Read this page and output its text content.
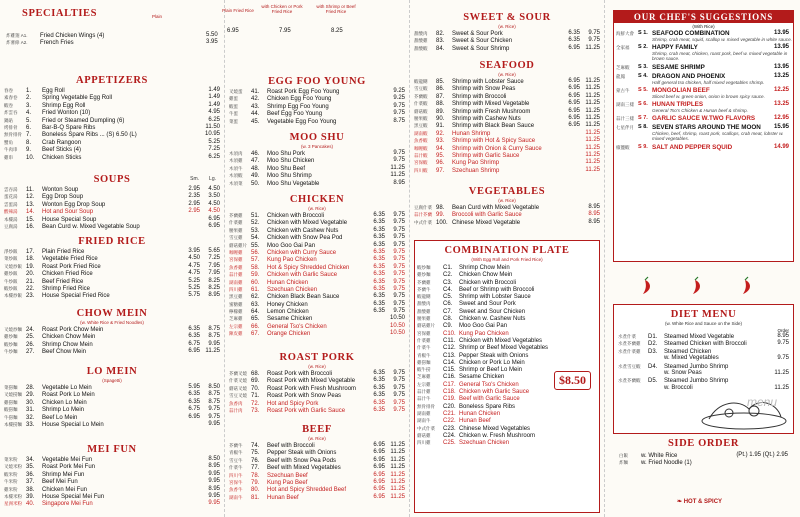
SPECIALTIES	Plain
炸雞翅 A1. Fried Chicken Wings (4)	5.50
炸薯條 A2. French Fries	3.95
APPETIZERS
春卷 1. Egg Roll	1.49
素春卷 2. Spring Vegetable Egg Roll	1.49
蝦卷 3. Shrimp Egg Roll	1.49
炸雲吞 4. Fried Wonton (10)	4.95
鍋貼 5. Fried or Steamed Dumpling (6)	6.25
烤排骨 6. Bar-B-Q Spare Ribs	11.50
無骨排骨 7. Boneless Spare Ribs ... (S) 6.50 (L)	10.95
蟹角 8. Crab Rangoon	5.25
牛肉串 9. Beef Sticks (4)	7.25
雞串 10. Chicken Sticks	6.25
SOUPS	Sm. Lg.
雲吞湯 11. Wonton Soup	2.95 4.50
蛋花湯 12. Egg Drop Soup	2.35 3.50
雲蛋湯 13. Wonton Egg Drop Soup	2.95 4.50
酸辣湯 14. Hot and Sour Soup	2.95 4.50
本樓湯 15. House Special Soup	6.95
豆腐湯 16. Bean Curd w. Mixed Vegetable Soup	6.95
FRIED RICE
淨炒飯 17. Plain Fried Rice	3.95 5.65
菜炒飯 18. Vegetable Fried Rice	4.50 7.25
叉燒炒飯 19. Roast Pork Fried Rice	4.75 7.95
雞炒飯 20. Chicken Fried Rice	4.75 7.95
牛炒飯 21. Beef Fried Rice	5.25 8.25
蝦炒飯 22. Shrimp Fried Rice	5.25 8.25
本樓炒飯 23. House Special Fried Rice	5.75 8.95
CHOW MEIN
(w. White Rice & Fried Noodles)
叉燒炒麵 24. Roast Pork Chow Mein	6.35 8.75
雞炒麵 25. Chicken Chow Mein	6.35 8.75
蝦炒麵 26. Shrimp Chow Mein	6.75 9.95
牛炒麵 27. Beef Chow Mein	6.95 11.25
LO MEIN
(Spagetti)
菜撈麵 28. Vegetable Lo Mein	5.95 8.50
叉燒撈麵 29. Roast Pork Lo Mein	6.35 8.75
雞撈麵 30. Chicken Lo Mein	6.35 8.75
蝦撈麵 31. Shrimp Lo Mein	6.75 9.75
牛撈麵 32. Beef Lo Mein	6.95 9.75
本樓撈麵 33. House Special Lo Mein	9.95
MEI FUN
菜米粉 34. Vegetable Mei Fun	8.50
叉燒米粉 35. Roast Pork Mei Fun	8.95
蝦米粉 36. Shrimp Mei Fun	9.95
牛米粉 37. Beef Mei Fun	9.95
雞米粉 38. Chicken Mei Fun	8.95
本樓米粉 39. House Special Mei Fun	9.95
星洲米粉 40. Singapore Mei Fun	9.95
Plain Fried Rice
with Chicken or Pork Fried Rice
with Shrimp or Beef Fried Rice
6.95	7.95	8.25
EGG FOO YOUNG
叉燒蛋 41. Roast Pork Egg Foo Young	9.25
雞蛋 42. Chicken Egg Foo Young	9.25
蝦蛋 43. Shrimp Egg Foo Young	9.75
牛蛋 44. Beef Egg Foo Young	9.75
菜蛋 45. Vegetable Egg Foo Young	8.75
MOO SHU
(w. 3 Pancakes)
木須肉 46. Moo Shu Pork	9.75
木須雞 47. Moo Shu Chicken	9.75
木須牛 48. Moo Shu Beef	11.25
木須蝦 49. Moo Shu Shrimp	11.25
木須菜 50. Moo Shu Vegetable	8.95
CHICKEN
(w. Rice)
芥蘭雞 51. Chicken with Broccoli	6.35 9.75
什菜雞 52. Chicken with Mixed Vegetable	6.35 9.75
腰果雞 53. Chicken with Cashew Nuts	6.35 9.75
雪豆雞 54. Chicken with Snow Pea Pod	6.35 9.75
蘑菇雞片 55. Moo Goo Gai Pan	6.35 9.75
咖喱雞 56. Chicken with Curry Sauce	6.35 9.75
宮保雞 57. Kung Pao Chicken	6.35 9.75
魚香雞 58. Hot & Spicy Shredded Chicken	6.35 9.75
蒜汁雞 59. Chicken with Garlic Sauce	6.35 9.75
湖南雞 60. Hunan Chicken	6.35 9.75
四川雞 61. Szechuan Chicken	6.35 9.75
黑豆雞 62. Chicken Black Bean Sauce	6.35 9.75
蜜糖雞 63. Honey Chicken	6.35 9.75
檸檬雞 64. Lemon Chicken	6.35 9.75
芝麻雞 65. Sesame Chicken	10.50
左宗雞 66. General Tso's Chicken	10.50
陳皮雞 67. Orange Chicken	10.50
ROAST PORK
(w. Rice)
芥蘭叉燒 68. Roast Pork with Broccoli	6.35 9.75
什菜叉燒 69. Roast Pork with Mixed Vegetable	6.35 9.75
蘑菇叉燒 70. Roast Pork with Fresh Mushroom	6.35 9.75
雪豆叉燒 71. Roast Pork with Snow Peas	6.35 9.75
魚香肉 72. Hot and Spicy Pork	6.35 9.75
蒜汁肉 73. Roast Pork with Garlic Sauce	6.35 9.75
BEEF
(w. Rice)
芥蘭牛 74. Beef with Broccoli	6.95 11.25
青椒牛 75. Pepper Steak with Onions	6.95 11.25
雪豆牛 76. Beef with Snow Pea Pods	6.95 11.25
什菜牛 77. Beef with Mixed Vegetables	6.95 11.25
四川牛 78. Szechuan Beef	6.95 11.25
宮保牛 79. Kung Pao Beef	6.95 11.25
魚香牛 80. Hot and Spicy Shredded Beef	6.95 11.25
湖南牛 81. Hunan Beef	6.95 11.25
SWEET & SOUR
(w. Rice)
甜酸肉 82. Sweet & Sour Pork	6.35 9.75
甜酸雞 83. Sweet & Sour Chicken	6.35 9.75
甜酸蝦 84. Sweet & Sour Shrimp	6.95 11.25
SEAFOOD
(w. Rice)
蝦龍糊 85. Shrimp with Lobster Sauce	6.95 11.25
雪豆蝦 86. Shrimp with Snow Peas	6.95 11.25
芥蘭蝦 87. Shrimp with Broccoli	6.95 11.25
什菜蝦 88. Shrimp with Mixed Vegetable	6.95 11.25
蘑菇蝦 89. Shrimp with Fresh Mushroom	6.95 11.25
腰果蝦 90. Shrimp with Cashew Nuts	6.95 11.25
黑豆蝦 91. Shrimp with Black Bean Sauce	6.95 11.25
湖南蝦 92. Hunan Shrimp	11.25
魚香蝦 93. Shrimp with Hot & Spicy Sauce	11.25
咖喱蝦 94. Shrimp with Onion & Curry Sauce	11.25
蒜汁蝦 95. Shrimp with Garlic Sauce	11.25
宮保蝦 96. Kung Pao Shrimp	11.25
四川蝦 97. Szechuan Shrimp	11.25
VEGETABLES
(w. Rice)
豆腐什菜 98. Bean Curd with Mixed Vegetable	8.95
蒜汁芥蘭 99. Broccoli with Garlic Sauce	8.95
中式什菜 100. Chinese Mixed Vegetable	8.95
COMBINATION PLATE
(With Egg Roll and Pork Fried Rice)
蝦炒麵 C1. Shrimp Chow Mein
雞炒麵 C2. Chicken Chow Mein
芥蘭雞 C3. Chicken with Broccoli
芥蘭牛 C4. Beef or Shrimp with Broccoli
蝦龍糊 C5. Shrimp with Lobster Sauce
甜酸肉 C6. Sweet and Sour Pork
甜酸雞 C7. Sweet and Sour Chicken
腰果雞 C8. Chicken w. Cashew Nuts
蘑菇雞片 C9. Moo Goo Gai Pan
宮保雞 C10. Kung Pao Chicken
什菜雞 C11. Chicken with Mixed Vegetables
什菜牛 C12. Shrimp or Beef Mixed Vegetables
青椒牛 C13. Pepper Steak with Onions
雞撈麵 C14. Chicken or Pork Lo Mein
蝦牛撈 C15. Shrimp or Beef Lo Mein
芝麻雞 C16. Sesame Chicken
左宗雞 C17. General Tso's Chicken
蒜汁雞 C18. Chicken with Garlic Sauce
蒜汁牛 C19. Beef with Garlic Sauce
無骨排骨 C20. Boneless Spare Ribs
湖南雞 C21. Hunan Chicken
湖南牛 C22. Hunan Beef
中式什菜 C23. Chinese Mixed Vegetables
蘑菇雞 C24. Chicken w. Fresh Mushroom
四川雞 C25. Szechuan Chicken
$8.50
OUR CHEF'S SUGGESTIONS
(With Rice)
海鮮大會 S 1. SEAFOOD COMBINATION	13.95
Shrimp, crab meat, squid, scallop w. mixed vegetable in white sauce.
全家福	S 2. HAPPY FAMILY	13.95
Shrimp, crab meat, chicken, roast pork, beef w. mixed vegetable in brown sauce.
芝麻蝦	S 3. SESAME SHRIMP	13.95
龍鳳	S 4. DRAGON AND PHOENIX	13.25
Half general tso chicken, half mixed vegetables shrimp.
蒙古牛	S 5. MONGOLIAN BEEF	12.25
Sliced beef w. green onion, onion in brown spicy sauce.
湖南三樣 S 6. HUNAN TRIPLES	13.25
General Tso's Chicken & Hunan beef & shrimp.
蒜汁三樣 S 7. GARLIC SAUCE W.TWO FLAVORS	12.95
七星伴月 S 8. SEVEN STARS AROUND THE MOON	15.95
Chicken, beef, shrimp, roast pork, scallops, crab meat, lobster w. mixed vegetables.
椒鹽蝦	S 9. SALT AND PEPPER SQUID	14.99
DIET MENU
(w. White Rice and Sauce on the Side)
Order
水煮什菜 D1. Steamed Mixed Vegetable	8.95
水煮芥蘭雞 D2. Steamed Chicken with Broccoli	9.75
水煮什菜雞 D3. Steamed Chicken
w. Mixed Vegetables	9.75
水煮雪豆蝦 D4. Steamed Jumbo Shrimp
w. Snow Peas	11.25
水煮芥蘭蝦 D5. Steamed Jumbo Shrimp
w. Broccoli	11.25
menu
SIDE ORDER
白飯 w. White Rice	(Pt.) 1.95 (Qt.) 2.95
炸麵 w. Fried Noodle (1)
❧ HOT & SPICY
